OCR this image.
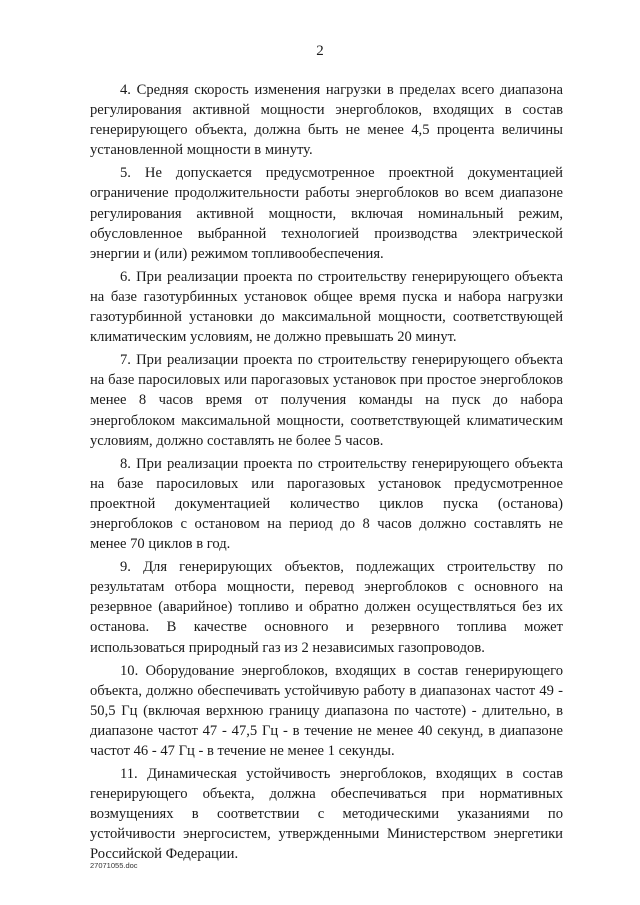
2

4. Средняя скорость изменения нагрузки в пределах всего диапазона регулирования активной мощности энергоблоков, входящих в состав генерирующего объекта, должна быть не менее 4,5 процента величины установленной мощности в минуту.

5. Не допускается предусмотренное проектной документацией ограничение продолжительности работы энергоблоков во всем диапазоне регулирования активной мощности, включая номинальный режим, обусловленное выбранной технологией производства электрической энергии и (или) режимом топливообеспечения.

6. При реализации проекта по строительству генерирующего объекта на базе газотурбинных установок общее время пуска и набора нагрузки газотурбинной установки до максимальной мощности, соответствующей климатическим условиям, не должно превышать 20 минут.

7. При реализации проекта по строительству генерирующего объекта на базе паросиловых или парогазовых установок при простое энергоблоков менее 8 часов время от получения команды на пуск до набора энергоблоком максимальной мощности, соответствующей климатическим условиям, должно составлять не более 5 часов.

8. При реализации проекта по строительству генерирующего объекта на базе паросиловых или парогазовых установок предусмотренное проектной документацией количество циклов пуска (останова) энергоблоков с остановом на период до 8 часов должно составлять не менее 70 циклов в год.

9. Для генерирующих объектов, подлежащих строительству по результатам отбора мощности, перевод энергоблоков с основного на резервное (аварийное) топливо и обратно должен осуществляться без их останова. В качестве основного и резервного топлива может использоваться природный газ из 2 независимых газопроводов.

10. Оборудование энергоблоков, входящих в состав генерирующего объекта, должно обеспечивать устойчивую работу в диапазонах частот 49 - 50,5 Гц (включая верхнюю границу диапазона по частоте) - длительно, в диапазоне частот 47 - 47,5 Гц - в течение не менее 40 секунд, в диапазоне частот 46 - 47 Гц - в течение не менее 1 секунды.

11. Динамическая устойчивость энергоблоков, входящих в состав генерирующего объекта, должна обеспечиваться при нормативных возмущениях в соответствии с методическими указаниями по устойчивости энергосистем, утвержденными Министерством энергетики Российской Федерации.

27071055.doc
